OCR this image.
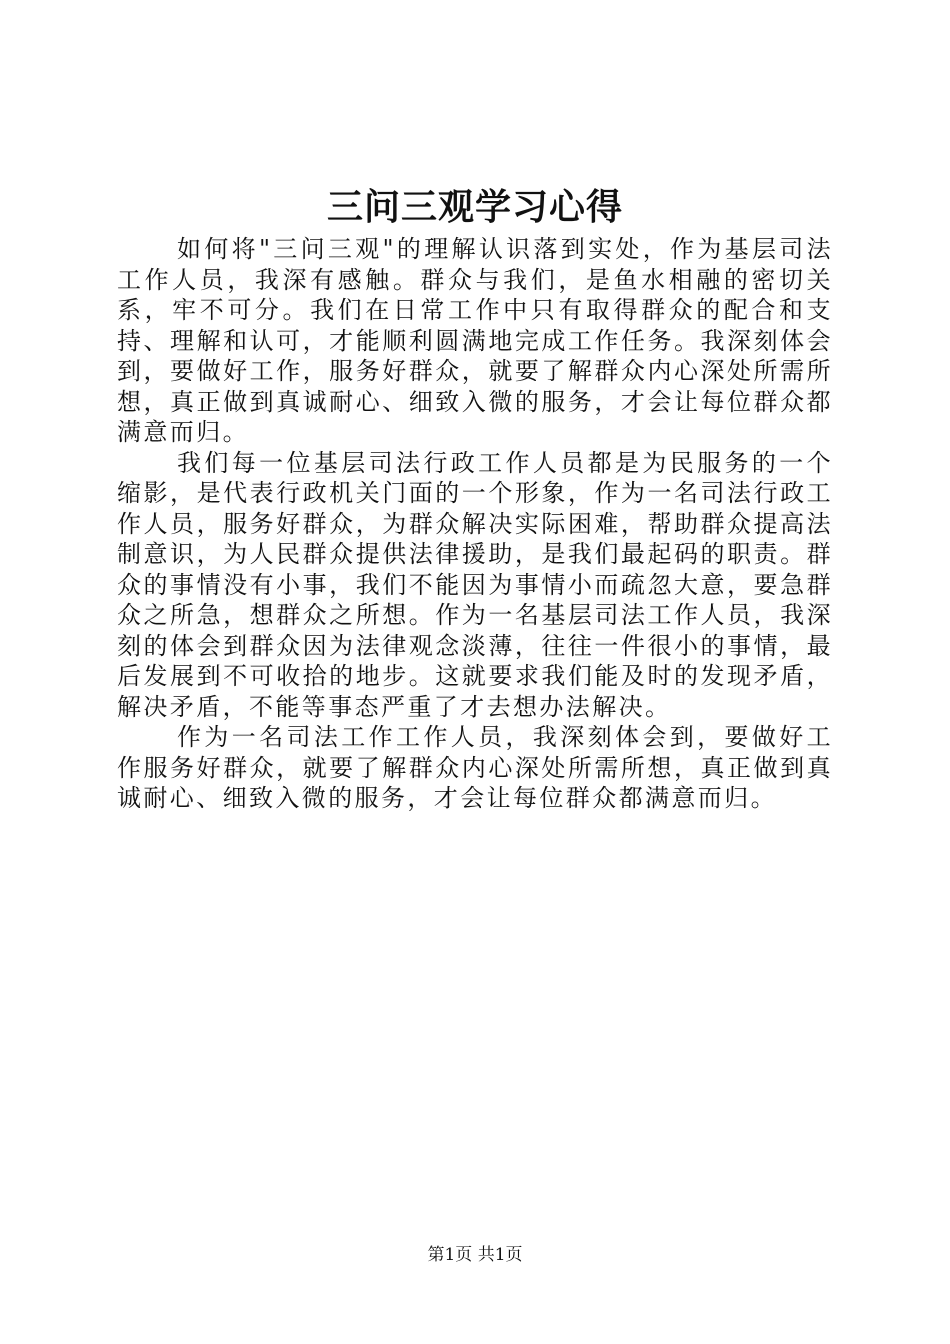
三问三观学习心得

如何将"三问三观"的理解认识落到实处，作为基层司法工作人员，我深有感触。群众与我们，是鱼水相融的密切关系，牢不可分。我们在日常工作中只有取得群众的配合和支持、理解和认可，才能顺利圆满地完成工作任务。我深刻体会到，要做好工作，服务好群众，就要了解群众内心深处所需所想，真正做到真诚耐心、细致入微的服务，才会让每位群众都满意而归。

我们每一位基层司法行政工作人员都是为民服务的一个缩影，是代表行政机关门面的一个形象，作为一名司法行政工作人员，服务好群众，为群众解决实际困难，帮助群众提高法制意识，为人民群众提供法律援助，是我们最起码的职责。群众的事情没有小事，我们不能因为事情小而疏忽大意，要急群众之所急，想群众之所想。作为一名基层司法工作人员，我深刻的体会到群众因为法律观念淡薄，往往一件很小的事情，最后发展到不可收拾的地步。这就要求我们能及时的发现矛盾，解决矛盾，不能等事态严重了才去想办法解决。

作为一名司法工作工作人员，我深刻体会到，要做好工作服务好群众，就要了解群众内心深处所需所想，真正做到真诚耐心、细致入微的服务，才会让每位群众都满意而归。

第1页 共1页
